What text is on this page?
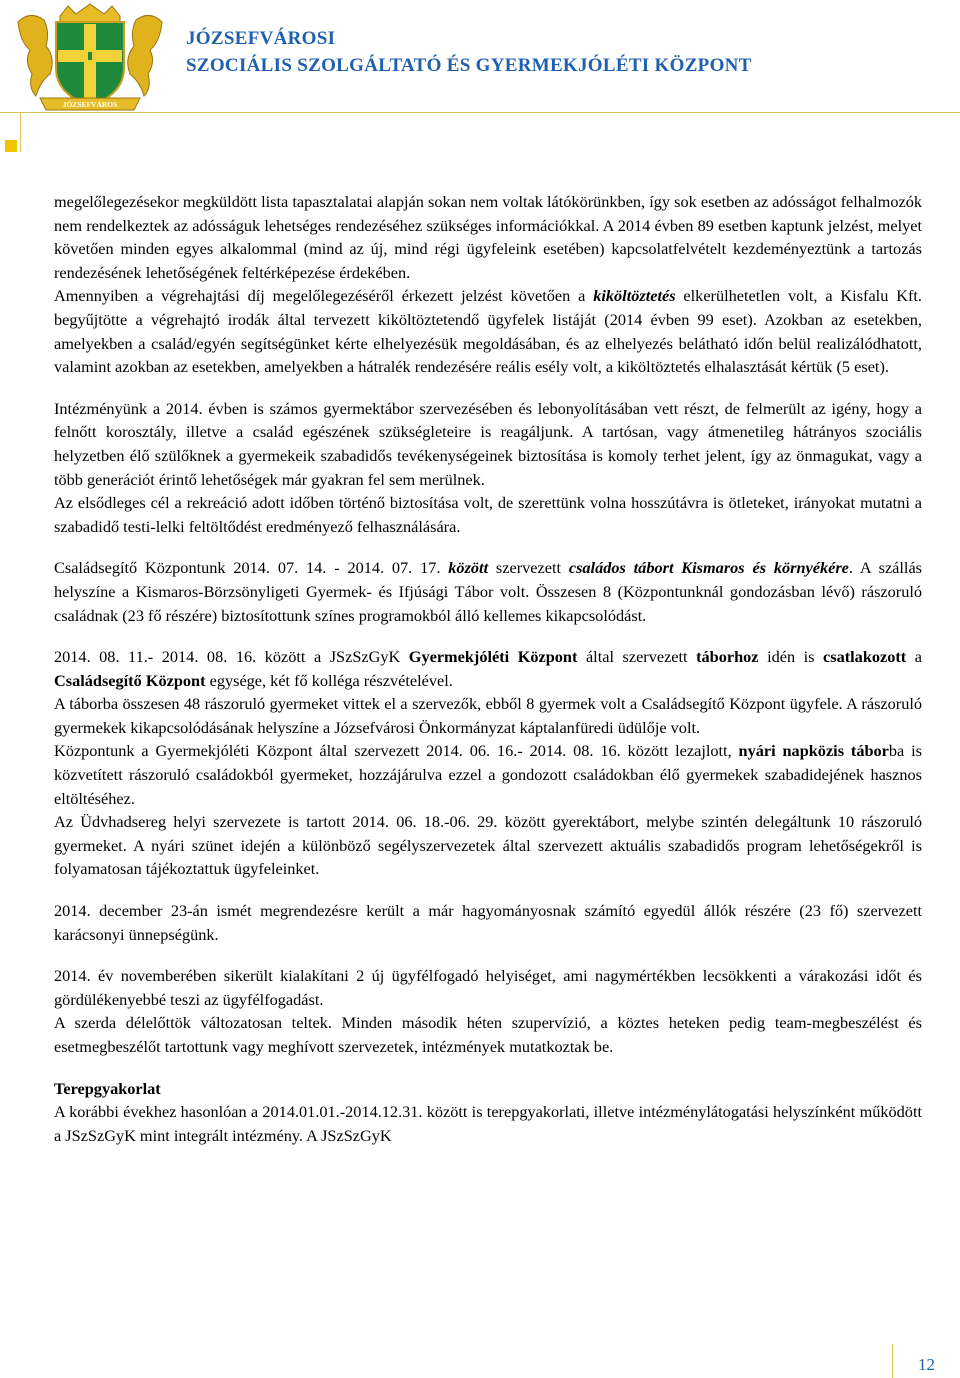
JÓZSEFVÁROS
JÓZSEFVÁROSI
SZOCIÁLIS SZOLGÁLTATÓ ÉS GYERMEKJÓLÉTI KÖZPONT

megelőlegezésekor megküldött lista tapasztalatai alapján sokan nem voltak látókörünkben, így sok esetben az adósságot felhalmozók nem rendelkeztek az adósságuk lehetséges rendezéséhez szükséges információkkal. A 2014 évben 89 esetben kaptunk jelzést, melyet követően minden egyes alkalommal (mind az új, mind régi ügyfeleink esetében) kapcsolatfelvételt kezdeményeztünk a tartozás rendezésének lehetőségének feltérképezése érdekében.

Amennyiben a végrehajtási díj megelőlegezéséről érkezett jelzést követően a kiköltöztetés elkerülhetetlen volt, a Kisfalu Kft. begyűjtötte a végrehajtó irodák által tervezett kiköltöztetendő ügyfelek listáját (2014 évben 99 eset). Azokban az esetekben, amelyekben a család/egyén segítségünket kérte elhelyezésük megoldásában, és az elhelyezés belátható időn belül realizálódhatott, valamint azokban az esetekben, amelyekben a hátralék rendezésére reális esély volt, a kiköltöztetés elhalasztását kértük (5 eset).

Intézményünk a 2014. évben is számos gyermektábor szervezésében és lebonyolításában vett részt, de felmerült az igény, hogy a felnőtt korosztály, illetve a család egészének szükségleteire is reagáljunk. A tartósan, vagy átmenetileg hátrányos szociális helyzetben élő szülőknek a gyermekeik szabadidős tevékenységeinek biztosítása is komoly terhet jelent, így az önmagukat, vagy a több generációt érintő lehetőségek már gyakran fel sem merülnek.

Az elsődleges cél a rekreáció adott időben történő biztosítása volt, de szerettünk volna hosszútávra is ötleteket, irányokat mutatni a szabadidő testi-lelki feltöltődést eredményező felhasználására.

Családsegítő Központunk 2014. 07. 14. - 2014. 07. 17. között szervezett családos tábort Kismaros és környékére. A szállás helyszíne a Kismaros-Börzsönyligeti Gyermek- és Ifjúsági Tábor volt. Összesen 8 (Központunknál gondozásban lévő) rászoruló családnak (23 fő részére) biztosítottunk színes programokból álló kellemes kikapcsolódást.

2014. 08. 11.- 2014. 08. 16. között a JSzSzGyK Gyermekjóléti Központ által szervezett táborhoz idén is csatlakozott a Családsegítő Központ egysége, két fő kolléga részvételével.

A táborba összesen 48 rászoruló gyermeket vittek el a szervezők, ebből 8 gyermek volt a Családsegítő Központ ügyfele. A rászoruló gyermekek kikapcsolódásának helyszíne a Józsefvárosi Önkormányzat káptalanfüredi üdülője volt.

Központunk a Gyermekjóléti Központ által szervezett 2014. 06. 16.- 2014. 08. 16. között lezajlott, nyári napközis táborba is közvetített rászoruló családokból gyermeket, hozzájárulva ezzel a gondozott családokban élő gyermekek szabadidejének hasznos eltöltéséhez.

Az Üdvhadsereg helyi szervezete is tartott 2014. 06. 18.-06. 29. között gyerektábort, melybe szintén delegáltunk 10 rászoruló gyermeket. A nyári szünet idején a különböző segélyszervezetek által szervezett aktuális szabadidős program lehetőségekről is folyamatosan tájékoztattuk ügyfeleinket.

2014. december 23-án ismét megrendezésre került a már hagyományosnak számító egyedül állók részére (23 fő) szervezett karácsonyi ünnepségünk.

2014. év novemberében sikerült kialakítani 2 új ügyfélfogadó helyiséget, ami nagymértékben lecsökkenti a várakozási időt és gördülékenyebbé teszi az ügyfélfogadást.

A szerda délelőttök változatosan teltek. Minden második héten szupervízió, a köztes heteken pedig team-megbeszélést és esetmegbeszélőt tartottunk vagy meghívott szervezetek, intézmények mutatkoztak be.

Terepgyakorlat

A korábbi évekhez hasonlóan a 2014.01.01.-2014.12.31. között is terepgyakorlati, illetve intézménylátogatási helyszínként működött a JSzSzGyK mint integrált intézmény. A JSzSzGyK

12
